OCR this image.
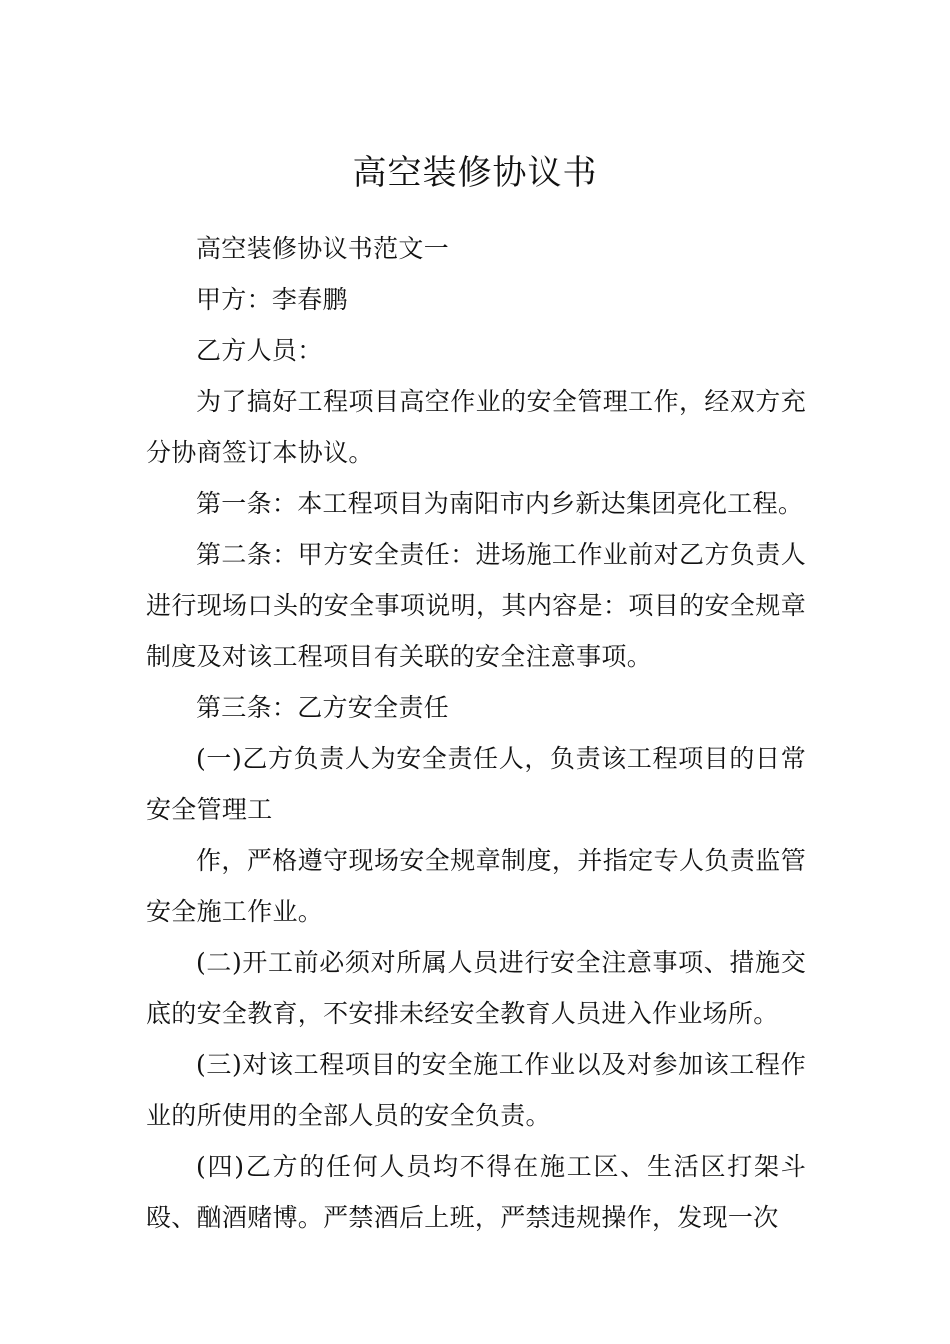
高空装修协议书

高空装修协议书范文一

甲方：李春鹏

乙方人员：

为了搞好工程项目高空作业的安全管理工作，经双方充分协商签订本协议。

第一条：本工程项目为南阳市内乡新达集团亮化工程。

第二条：甲方安全责任：进场施工作业前对乙方负责人进行现场口头的安全事项说明，其内容是：项目的安全规章制度及对该工程项目有关联的安全注意事项。

第三条：乙方安全责任

(一)乙方负责人为安全责任人，负责该工程项目的日常安全管理工

作，严格遵守现场安全规章制度，并指定专人负责监管安全施工作业。

(二)开工前必须对所属人员进行安全注意事项、措施交底的安全教育，不安排未经安全教育人员进入作业场所。

(三)对该工程项目的安全施工作业以及对参加该工程作业的所使用的全部人员的安全负责。

(四)乙方的任何人员均不得在施工区、生活区打架斗殴、酗酒赌博。严禁酒后上班，严禁违规操作，发现一次
